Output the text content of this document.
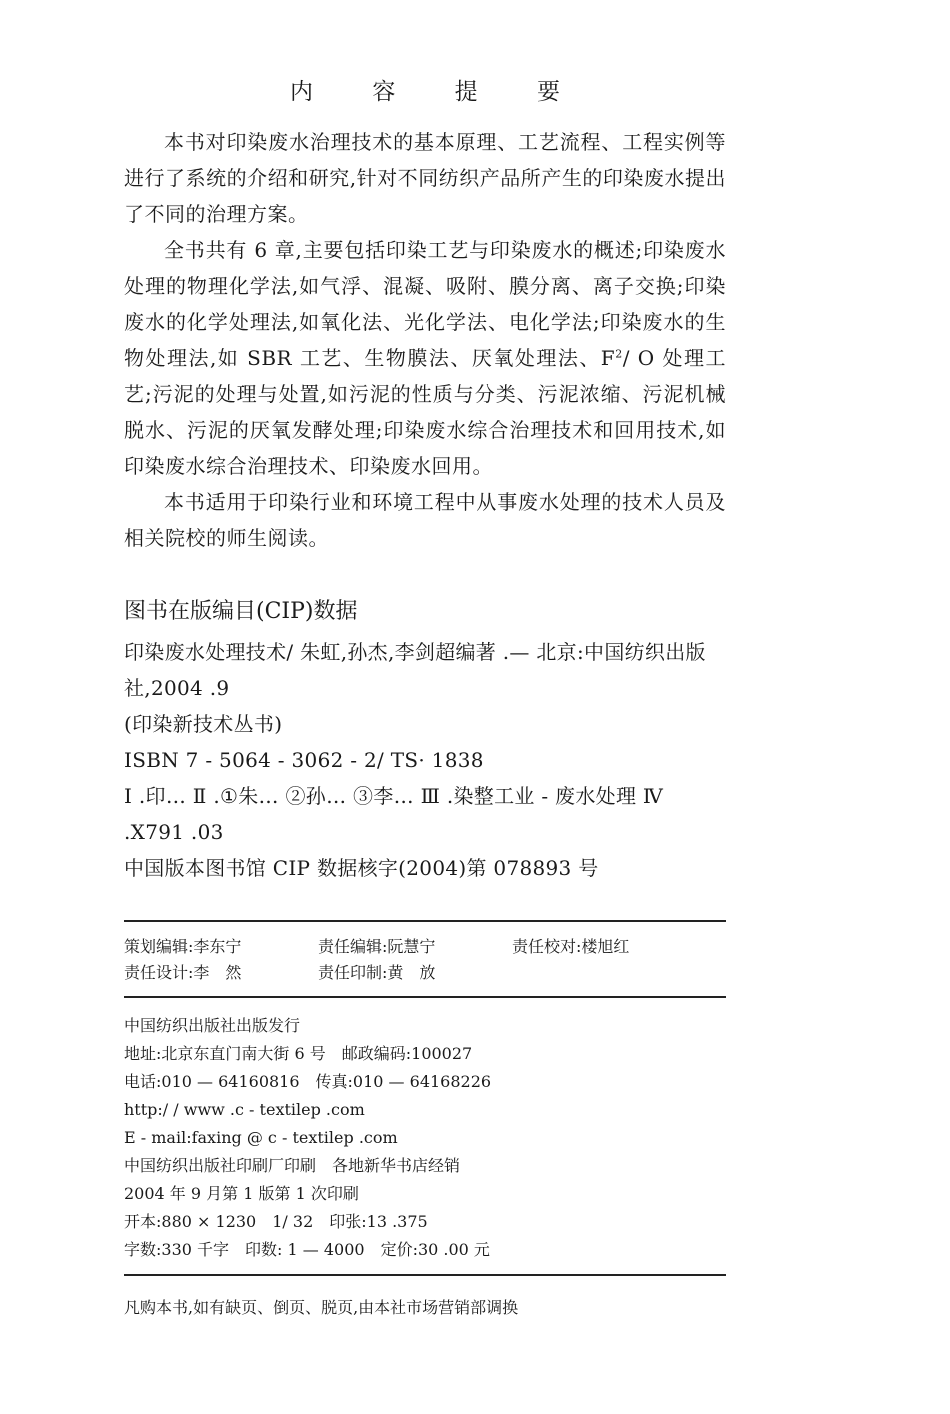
内 容 提 要

本书对印染废水治理技术的基本原理、工艺流程、工程实例等进行了系统的介绍和研究,针对不同纺织产品所产生的印染废水提出了不同的治理方案。

全书共有 6 章,主要包括印染工艺与印染废水的概述;印染废水处理的物理化学法,如气浮、混凝、吸附、膜分离、离子交换;印染废水的化学处理法,如氧化法、光化学法、电化学法;印染废水的生物处理法,如 SBR 工艺、生物膜法、厌氧处理法、$F^2/$ O 处理工艺;污泥的处理与处置,如污泥的性质与分类、污泥浓缩、污泥机械脱水、污泥的厌氧发酵处理;印染废水综合治理技术和回用技术,如印染废水综合治理技术、印染废水回用。

本书适用于印染行业和环境工程中从事废水处理的技术人员及相关院校的师生阅读。

图书在版编目(CIP)数据

印染废水处理技术/ 朱虹,孙杰,李剑超编著 .— 北京:中国纺织出版社,2004 .9

(印染新技术丛书)

ISBN 7 - 5064 - 3062 - 2/ TS· 1838

Ⅰ .印… Ⅱ .①朱… ②孙… ③李… Ⅲ .染整工业 - 废水处理 Ⅳ .X791 .03

中国版本图书馆 CIP 数据核字(2004)第 078893 号

策划编辑:李东宁	责任编辑:阮慧宁	责任校对:楼旭红
责任设计:李　然	责任印制:黄　放

中国纺织出版社出版发行

地址:北京东直门南大街 6 号　邮政编码:100027

电话:010 — 64160816　传真:010 — 64168226

http:/ / www .c - textilep .com

E - mail:faxing @ c - textilep .com

中国纺织出版社印刷厂印刷　各地新华书店经销

2004 年 9 月第 1 版第 1 次印刷

开本:880 × 1230　1/ 32　印张:13 .375

字数:330 千字　印数: 1 — 4000　定价:30 .00 元

凡购本书,如有缺页、倒页、脱页,由本社市场营销部调换
